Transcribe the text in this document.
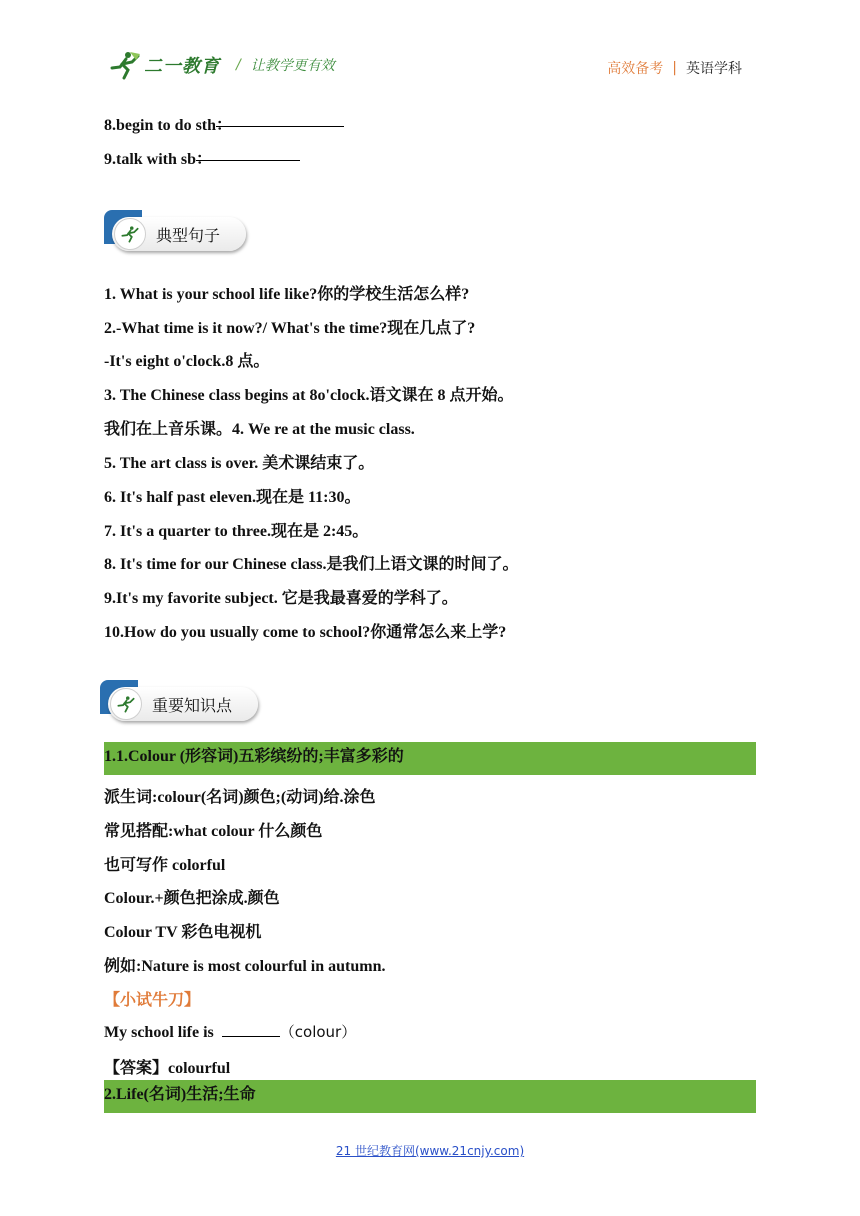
二一教育 / 让教学更有效	高效备考 | 英语学科
8.begin to do sth：
9.talk with sb：
典型句子
1. What is your school life like?你的学校生活怎么样?
2.-What time is it now?/ What's the time?现在几点了?
-It's eight o'clock.8 点。
3. The Chinese class begins at 8o'clock.语文课在 8 点开始。
我们在上音乐课。4. We re at the music class.
5. The art class is over. 美术课结束了。
6. It's half past eleven.现在是 11:30。
7. It's a quarter to three.现在是 2:45。
8. It's time for our Chinese class.是我们上语文课的时间了。
9.It's my favorite subject. 它是我最喜爱的学科了。
10.How do you usually come to school?你通常怎么来上学?
重要知识点
1.1.Colour (形容词)五彩缤纷的;丰富多彩的
派生词:colour(名词)颜色;(动词)给.涂色
常见搭配:what colour 什么颜色
也可写作 colorful
Colour.+颜色把涂成.颜色
Colour TV 彩色电视机
例如:Nature is most colourful in autumn.
【小试牛刀】
My school life is	（colour）
【答案】colourful
2.Life(名词)生活;生命
21 世纪教育网(www.21cnjy.com)
